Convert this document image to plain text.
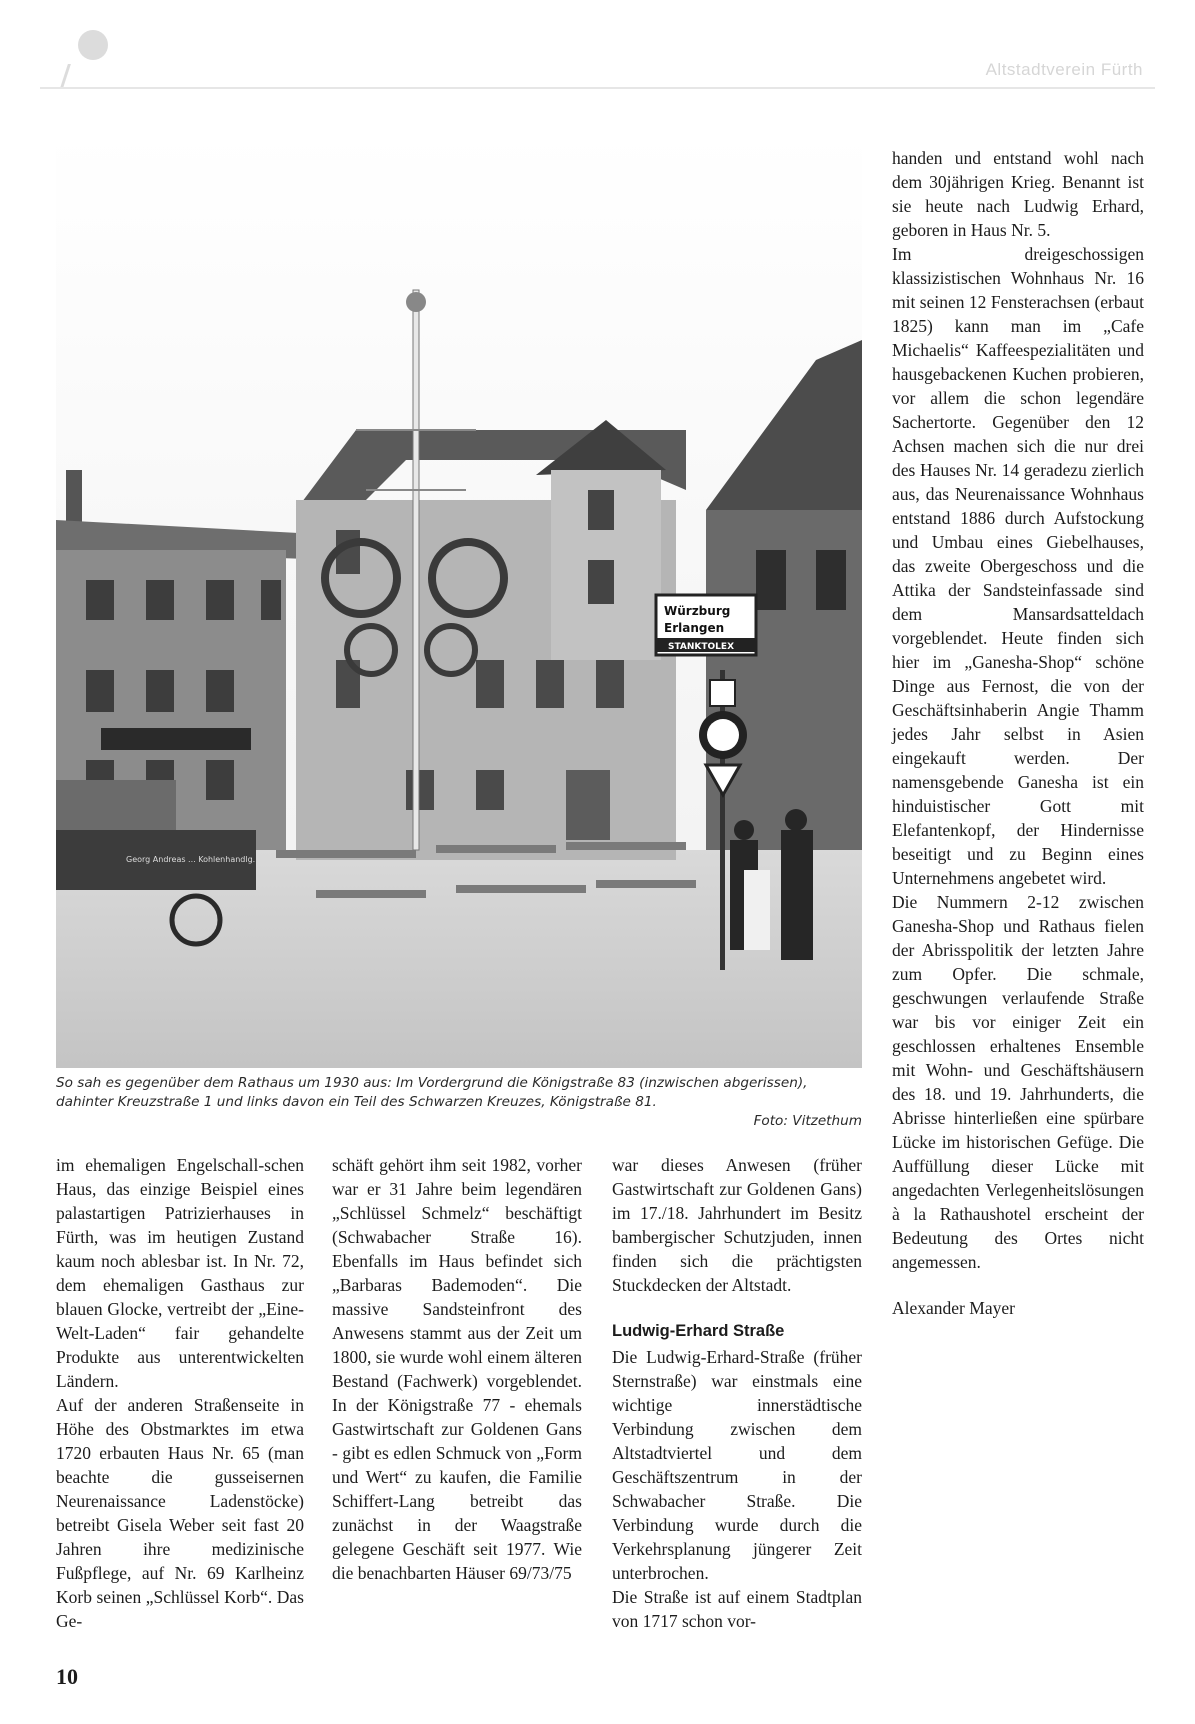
Altstadtverein Fürth
Würzburg
Erlangen
STANKTOLEX
Georg Andreas ... Kohlenhandlg.
So sah es gegenüber dem Rathaus um 1930 aus: Im Vordergrund die Königstraße 83 (inzwischen abgerissen), dahinter Kreuzstraße 1 und links davon ein Teil des Schwarzen Kreuzes, Königstraße 81.
Foto: Vitzethum

im ehemaligen Engelschall-schen Haus, das einzige Beispiel eines palastartigen Patrizierhauses in Fürth, was im heutigen Zustand kaum noch ablesbar ist. In Nr. 72, dem ehemaligen Gasthaus zur blauen Glocke, vertreibt der „Eine-Welt-Laden“ fair gehandelte Produkte aus unterentwickelten Ländern.

Auf der anderen Straßenseite in Höhe des Obstmarktes im etwa 1720 erbauten Haus Nr. 65 (man beachte die gusseisernen Neurenaissance Ladenstöcke) betreibt Gisela Weber seit fast 20 Jahren ihre medizinische Fußpflege, auf Nr. 69 Karlheinz Korb seinen „Schlüssel Korb“. Das Ge-

schäft gehört ihm seit 1982, vorher war er 31 Jahre beim legendären „Schlüssel Schmelz“ beschäftigt (Schwabacher Straße 16). Ebenfalls im Haus befindet sich „Barbaras Bademoden“. Die massive Sandsteinfront des Anwesens stammt aus der Zeit um 1800, sie wurde wohl einem älteren Bestand (Fachwerk) vorgeblendet. In der Königstraße 77 - ehemals Gastwirtschaft zur Goldenen Gans - gibt es edlen Schmuck von „Form und Wert“ zu kaufen, die Familie Schiffert-Lang betreibt das zunächst in der Waagstraße gelegene Geschäft seit 1977. Wie die benachbarten Häuser 69/73/75

war dieses Anwesen (früher Gastwirtschaft zur Goldenen Gans) im 17./18. Jahrhundert im Besitz bambergischer Schutzjuden, innen finden sich die prächtigsten Stuckdecken der Altstadt.

Ludwig-Erhard Straße

Die Ludwig-Erhard-Straße (früher Sternstraße) war einstmals eine wichtige innerstädtische Verbindung zwischen dem Altstadtviertel und dem Geschäftszentrum in der Schwabacher Straße. Die Verbindung wurde durch die Verkehrsplanung jüngerer Zeit unterbrochen.

Die Straße ist auf einem Stadtplan von 1717 schon vor-

handen und entstand wohl nach dem 30jährigen Krieg. Benannt ist sie heute nach Ludwig Erhard, geboren in Haus Nr. 5.

Im dreigeschossigen klassizistischen Wohnhaus Nr. 16 mit seinen 12 Fensterachsen (erbaut 1825) kann man im „Cafe Michaelis“ Kaffeespezialitäten und hausgebackenen Kuchen probieren, vor allem die schon legendäre Sachertorte. Gegenüber den 12 Achsen machen sich die nur drei des Hauses Nr. 14 geradezu zierlich aus, das Neurenaissance Wohnhaus entstand 1886 durch Aufstockung und Umbau eines Giebelhauses, das zweite Obergeschoss und die Attika der Sandsteinfassade sind dem Mansardsatteldach vorgeblendet. Heute finden sich hier im „Ganesha-Shop“ schöne Dinge aus Fernost, die von der Geschäftsinhaberin Angie Thamm jedes Jahr selbst in Asien eingekauft werden. Der namensgebende Ganesha ist ein hinduistischer Gott mit Elefantenkopf, der Hindernisse beseitigt und zu Beginn eines Unternehmens angebetet wird.

Die Nummern 2-12 zwischen Ganesha-Shop und Rathaus fielen der Abrisspolitik der letzten Jahre zum Opfer. Die schmale, geschwungen verlaufende Straße war bis vor einiger Zeit ein geschlossen erhaltenes Ensemble mit Wohn- und Geschäftshäusern des 18. und 19. Jahrhunderts, die Abrisse hinterließen eine spürbare Lücke im historischen Gefüge. Die Auffüllung dieser Lücke mit angedachten Verlegenheitslösungen à la Rathaushotel erscheint der Bedeutung des Ortes nicht angemessen.

Alexander Mayer

10
